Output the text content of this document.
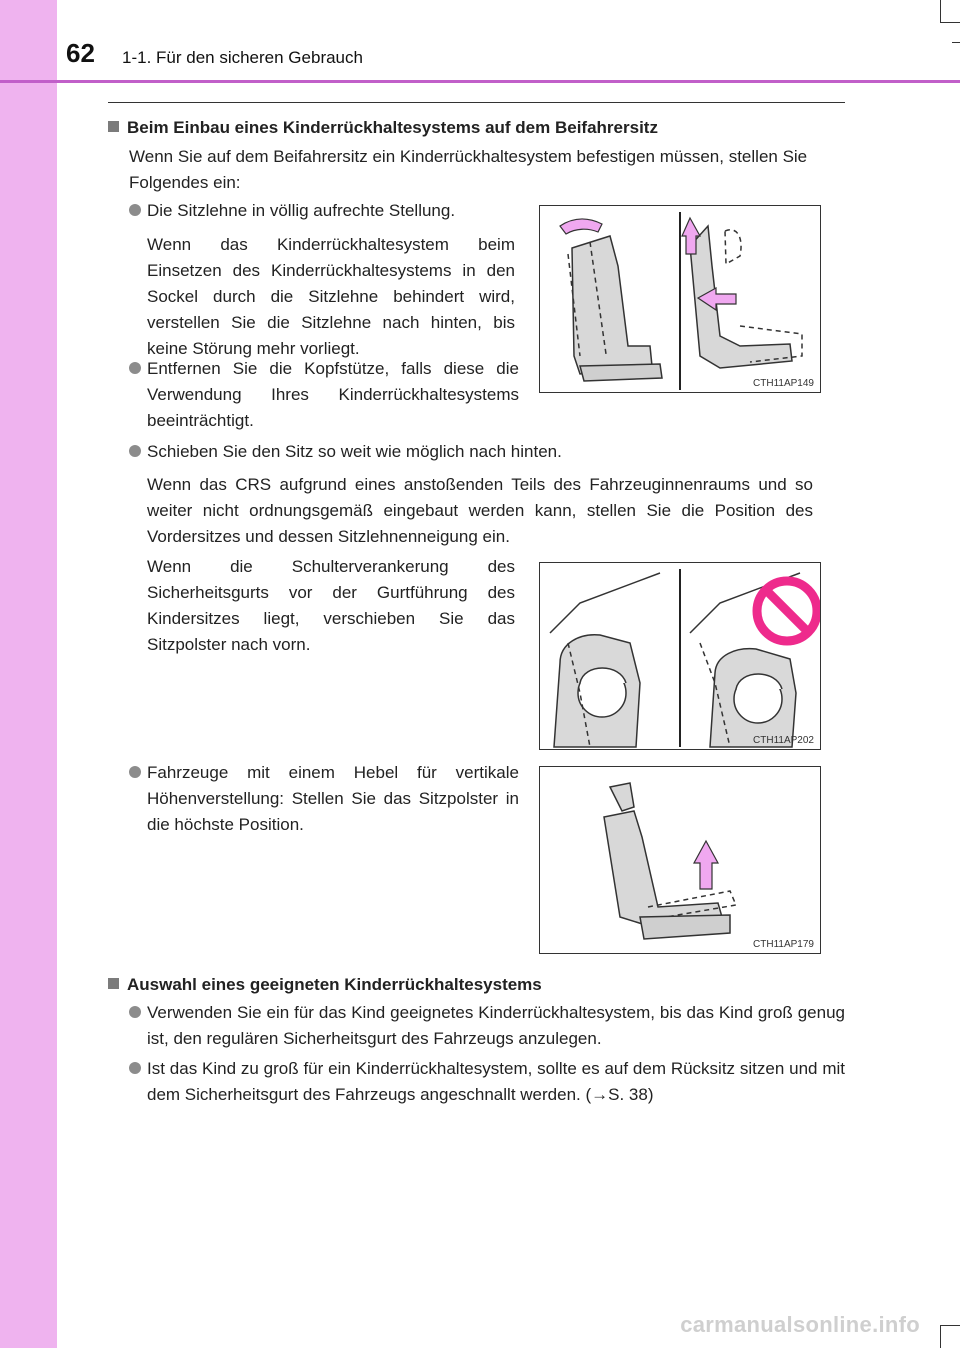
62 1-1. Für den sicheren Gebrauch
Beim Einbau eines Kinderrückhaltesystems auf dem Beifahrersitz
Wenn Sie auf dem Beifahrersitz ein Kinderrückhaltesystem befestigen müssen, stellen Sie Folgendes ein:
Die Sitzlehne in völlig aufrechte Stellung.
Wenn das Kinderrückhaltesystem beim Einsetzen des Kinderrückhaltesystems in den Sockel durch die Sitzlehne behindert wird, verstellen Sie die Sitzlehne nach hinten, bis keine Störung mehr vorliegt.
Entfernen Sie die Kopfstütze, falls diese die Verwendung Ihres Kinderrückhaltesystems beeinträchtigt.
CTH11AP149
Schieben Sie den Sitz so weit wie möglich nach hinten.
Wenn das CRS aufgrund eines anstoßenden Teils des Fahrzeuginnenraums und so weiter nicht ordnungsgemäß eingebaut werden kann, stellen Sie die Position des Vordersitzes und dessen Sitzlehnenneigung ein.
Wenn die Schulterverankerung des Sicherheitsgurts vor der Gurtführung des Kindersitzes liegt, verschieben Sie das Sitzpolster nach vorn.
CTH11AP202
Fahrzeuge mit einem Hebel für vertikale Höhenverstellung: Stellen Sie das Sitzpolster in die höchste Position.
CTH11AP179
Auswahl eines geeigneten Kinderrückhaltesystems
Verwenden Sie ein für das Kind geeignetes Kinderrückhaltesystem, bis das Kind groß genug ist, den regulären Sicherheitsgurt des Fahrzeugs anzulegen.
Ist das Kind zu groß für ein Kinderrückhaltesystem, sollte es auf dem Rücksitz sitzen und mit dem Sicherheitsgurt des Fahrzeugs angeschnallt werden. (→S. 38)
carmanualsonline.info
